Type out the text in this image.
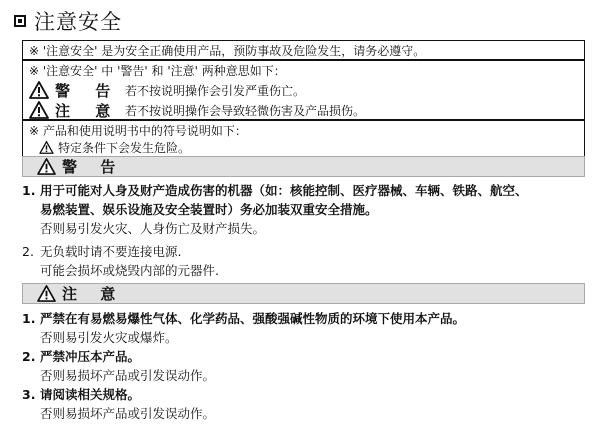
注意安全
※ '注意安全' 是为安全正确使用产品，预防事故及危险发生，请务必遵守。
※ '注意安全' 中 '警告' 和 '注意' 两种意思如下：
警 告 若不按说明操作会引发严重伤亡。
注 意 若不按说明操作会导致轻微伤害及产品损伤。
※ 产品和使用说明书中的符号说明如下：
特定条件下会发生危险。
警 告
1. 用于可能对人身及财产造成伤害的机器（如：核能控制、医疗器械、车辆、铁路、航空、
易燃装置、娱乐设施及安全装置时）务必加装双重安全措施。
否则易引发火灾、人身伤亡及财产损失。
2. 无负载时请不要连接电源.
可能会损坏或烧毁内部的元器件.
注 意
1. 严禁在有易燃易爆性气体、化学药品、强酸强碱性物质的环境下使用本产品。
否则易引发火灾或爆炸。
2. 严禁冲压本产品。
否则易损坏产品或引发误动作。
3. 请阅读相关规格。
否则易损坏产品或引发误动作。
